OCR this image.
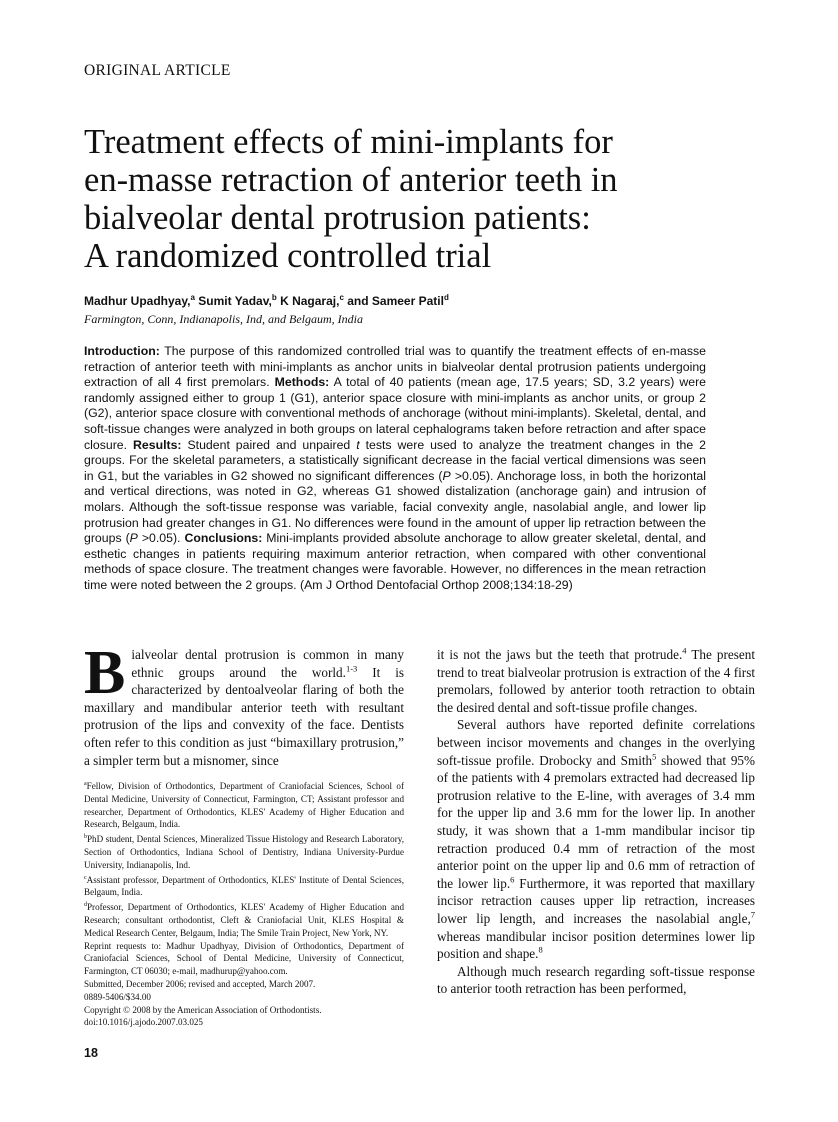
ORIGINAL ARTICLE
Treatment effects of mini-implants for
en-masse retraction of anterior teeth in
bialveolar dental protrusion patients:
A randomized controlled trial
Madhur Upadhyay,$^a$ Sumit Yadav,$^b$ K Nagaraj,$^c$ and Sameer Patil$^d$
Farmington, Conn, Indianapolis, Ind, and Belgaum, India

Introduction: The purpose of this randomized controlled trial was to quantify the treatment effects of en-masse retraction of anterior teeth with mini-implants as anchor units in bialveolar dental protrusion patients undergoing extraction of all 4 first premolars. Methods: A total of 40 patients (mean age, 17.5 years; SD, 3.2 years) were randomly assigned either to group 1 (G1), anterior space closure with mini-implants as anchor units, or group 2 (G2), anterior space closure with conventional methods of anchorage (without mini-implants). Skeletal, dental, and soft-tissue changes were analyzed in both groups on lateral cephalograms taken before retraction and after space closure. Results: Student paired and unpaired t tests were used to analyze the treatment changes in the 2 groups. For the skeletal parameters, a statistically significant decrease in the facial vertical dimensions was seen in G1, but the variables in G2 showed no significant differences (P >0.05). Anchorage loss, in both the horizontal and vertical directions, was noted in G2, whereas G1 showed distalization (anchorage gain) and intrusion of molars. Although the soft-tissue response was variable, facial convexity angle, nasolabial angle, and lower lip protrusion had greater changes in G1. No differences were found in the amount of upper lip retraction between the groups (P >0.05). Conclusions: Mini-implants provided absolute anchorage to allow greater skeletal, dental, and esthetic changes in patients requiring maximum anterior retraction, when compared with other conventional methods of space closure. The treatment changes were favorable. However, no differences in the mean retraction time were noted between the 2 groups. (Am J Orthod Dentofacial Orthop 2008;134:18-29)

Bialveolar dental protrusion is common in many ethnic groups around the world.$^{1-3}$ It is characterized by dentoalveolar flaring of both the maxillary and mandibular anterior teeth with resultant protrusion of the lips and convexity of the face. Dentists often refer to this condition as just “bimaxillary protrusion,” a simpler term but a misnomer, since

$^a$Fellow, Division of Orthodontics, Department of Craniofacial Sciences, School of Dental Medicine, University of Connecticut, Farmington, CT; Assistant professor and researcher, Department of Orthodontics, KLES' Academy of Higher Education and Research, Belgaum, India.

$^b$PhD student, Dental Sciences, Mineralized Tissue Histology and Research Laboratory, Section of Orthodontics, Indiana School of Dentistry, Indiana University-Purdue University, Indianapolis, Ind.

$^c$Assistant professor, Department of Orthodontics, KLES' Institute of Dental Sciences, Belgaum, India.

$^d$Professor, Department of Orthodontics, KLES' Academy of Higher Education and Research; consultant orthodontist, Cleft & Craniofacial Unit, KLES Hospital & Medical Research Center, Belgaum, India; The Smile Train Project, New York, NY.

Reprint requests to: Madhur Upadhyay, Division of Orthodontics, Department of Craniofacial Sciences, School of Dental Medicine, University of Connecticut, Farmington, CT 06030; e-mail, madhurup@yahoo.com.

Submitted, December 2006; revised and accepted, March 2007.

0889-5406/$34.00

Copyright © 2008 by the American Association of Orthodontists.

doi:10.1016/j.ajodo.2007.03.025

18

it is not the jaws but the teeth that protrude.$^4$ The present trend to treat bialveolar protrusion is extraction of the 4 first premolars, followed by anterior tooth retraction to obtain the desired dental and soft-tissue profile changes.

Several authors have reported definite correlations between incisor movements and changes in the overlying soft-tissue profile. Drobocky and Smith$^5$ showed that 95% of the patients with 4 premolars extracted had decreased lip protrusion relative to the E-line, with averages of 3.4 mm for the upper lip and 3.6 mm for the lower lip. In another study, it was shown that a 1-mm mandibular incisor tip retraction produced 0.4 mm of retraction of the most anterior point on the upper lip and 0.6 mm of retraction of the lower lip.$^6$ Furthermore, it was reported that maxillary incisor retraction causes upper lip retraction, increases lower lip length, and increases the nasolabial angle,$^7$ whereas mandibular incisor position determines lower lip position and shape.$^8$

Although much research regarding soft-tissue response to anterior tooth retraction has been performed,
